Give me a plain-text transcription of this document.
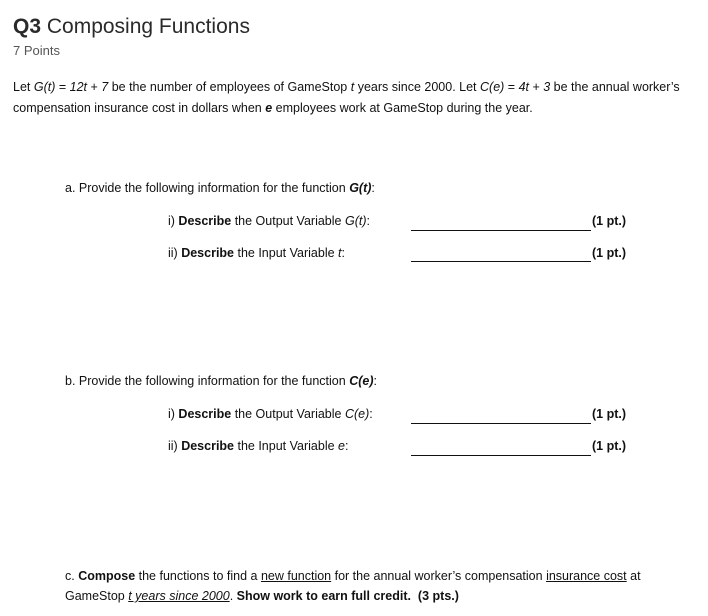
Q3 Composing Functions
7 Points
Let G(t) = 12t + 7 be the number of employees of GameStop t years since 2000. Let C(e) = 4t + 3 be the annual worker’s compensation insurance cost in dollars when e employees work at GameStop during the year.
a. Provide the following information for the function G(t):
i) Describe the Output Variable G(t):	(1 pt.)
ii) Describe the Input Variable t:	(1 pt.)
b. Provide the following information for the function C(e):
i) Describe the Output Variable C(e):	(1 pt.)
ii) Describe the Input Variable e:	(1 pt.)
c. Compose the functions to find a new function for the annual worker’s compensation insurance cost at GameStop t years since 2000. Show work to earn full credit.  (3 pts.)
